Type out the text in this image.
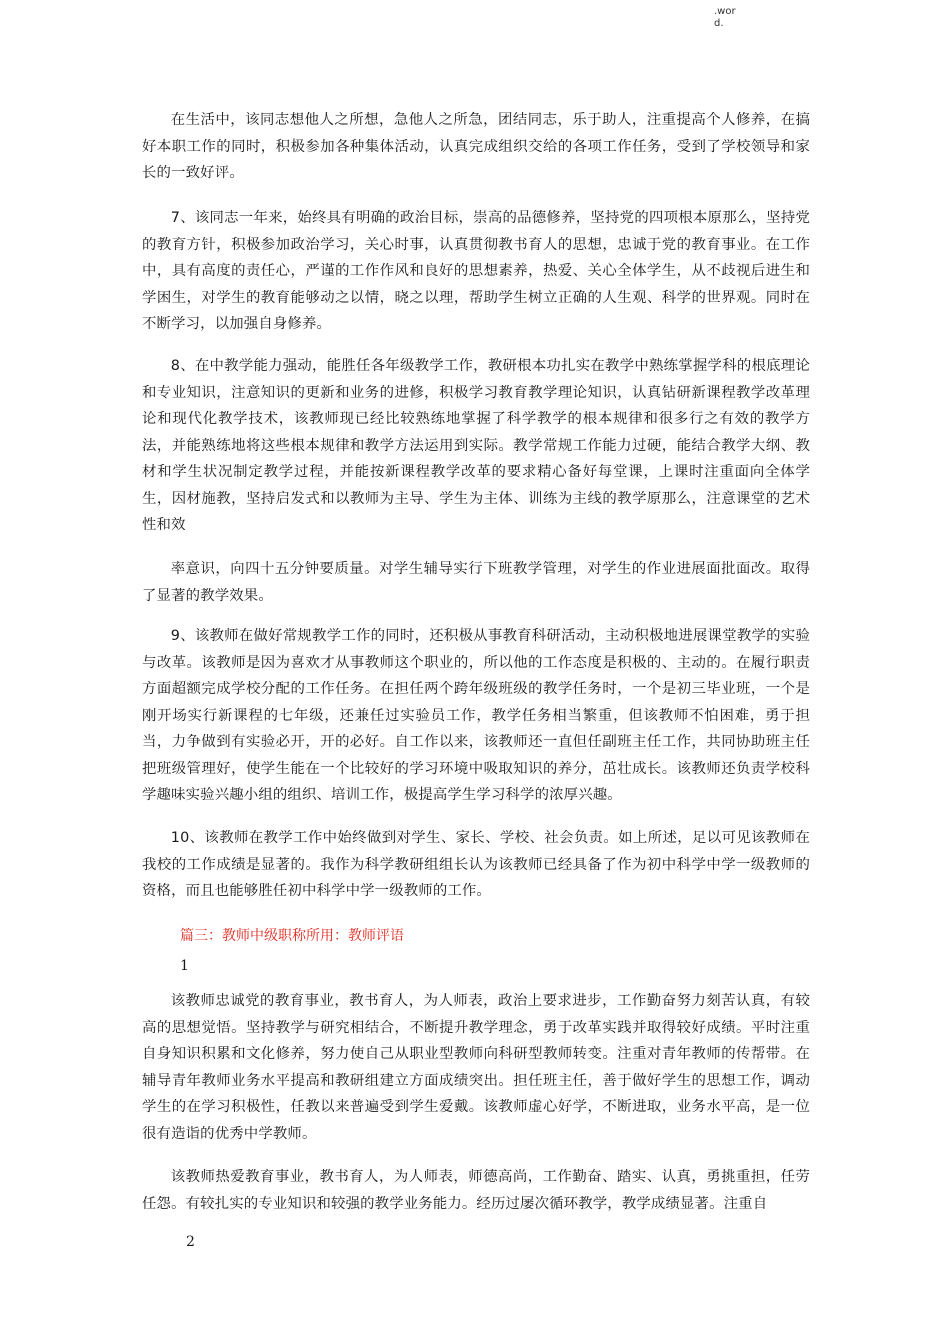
.wor
d.

在生活中，该同志想他人之所想，急他人之所急，团结同志，乐于助人，注重提高个人修养，在搞好本职工作的同时，积极参加各种集体活动，认真完成组织交给的各项工作任务，受到了学校领导和家长的一致好评。

7、该同志一年来，始终具有明确的政治目标，崇高的品德修养，坚持党的四项根本原那么，坚持党的教育方针，积极参加政治学习，关心时事，认真贯彻教书育人的思想，忠诚于党的教育事业。在工作中，具有高度的责任心，严谨的工作作风和良好的思想素养，热爱、关心全体学生，从不歧视后进生和学困生，对学生的教育能够动之以情，晓之以理，帮助学生树立正确的人生观、科学的世界观。同时在不断学习，以加强自身修养。

8、在中教学能力强动，能胜任各年级教学工作，教研根本功扎实在教学中熟练掌握学科的根底理论和专业知识，注意知识的更新和业务的进修，积极学习教育教学理论知识，认真钻研新课程教学改革理论和现代化教学技术，该教师现已经比较熟练地掌握了科学教学的根本规律和很多行之有效的教学方法，并能熟练地将这些根本规律和教学方法运用到实际。教学常规工作能力过硬，能结合教学大纲、教材和学生状况制定教学过程，并能按新课程教学改革的要求精心备好每堂课，上课时注重面向全体学生，因材施教，坚持启发式和以教师为主导、学生为主体、训练为主线的教学原那么，注意课堂的艺术性和效

率意识，向四十五分钟要质量。对学生辅导实行下班教学管理，对学生的作业进展面批面改。取得了显著的教学效果。

9、该教师在做好常规教学工作的同时，还积极从事教育科研活动，主动积极地进展课堂教学的实验与改革。该教师是因为喜欢才从事教师这个职业的，所以他的工作态度是积极的、主动的。在履行职责方面超额完成学校分配的工作任务。在担任两个跨年级班级的教学任务时，一个是初三毕业班，一个是刚开场实行新课程的七年级，还兼任过实验员工作，教学任务相当繁重，但该教师不怕困难，勇于担当，力争做到有实验必开，开的必好。自工作以来，该教师还一直但任副班主任工作，共同协助班主任把班级管理好，使学生能在一个比较好的学习环境中吸取知识的养分，茁壮成长。该教师还负责学校科学趣味实验兴趣小组的组织、培训工作，极提高学生学习科学的浓厚兴趣。

10、该教师在教学工作中始终做到对学生、家长、学校、社会负责。如上所述，足以可见该教师在我校的工作成绩是显著的。我作为科学教研组组长认为该教师已经具备了作为初中科学中学一级教师的资格，而且也能够胜任初中科学中学一级教师的工作。

篇三：教师中级职称所用：教师评语

1

该教师忠诚党的教育事业，教书育人，为人师表，政治上要求进步，工作勤奋努力刻苦认真，有较高的思想觉悟。坚持教学与研究相结合，不断提升教学理念，勇于改革实践并取得较好成绩。平时注重自身知识积累和文化修养，努力使自己从职业型教师向科研型教师转变。注重对青年教师的传帮带。在辅导青年教师业务水平提高和教研组建立方面成绩突出。担任班主任，善于做好学生的思想工作，调动学生的在学习积极性，任教以来普遍受到学生爱戴。该教师虚心好学，不断进取，业务水平高，是一位很有造诣的优秀中学教师。

该教师热爱教育事业，教书育人，为人师表，师德高尚，工作勤奋、踏实、认真，勇挑重担，任劳任怨。有较扎实的专业知识和较强的教学业务能力。经历过屡次循环教学，教学成绩显著。注重自

2
